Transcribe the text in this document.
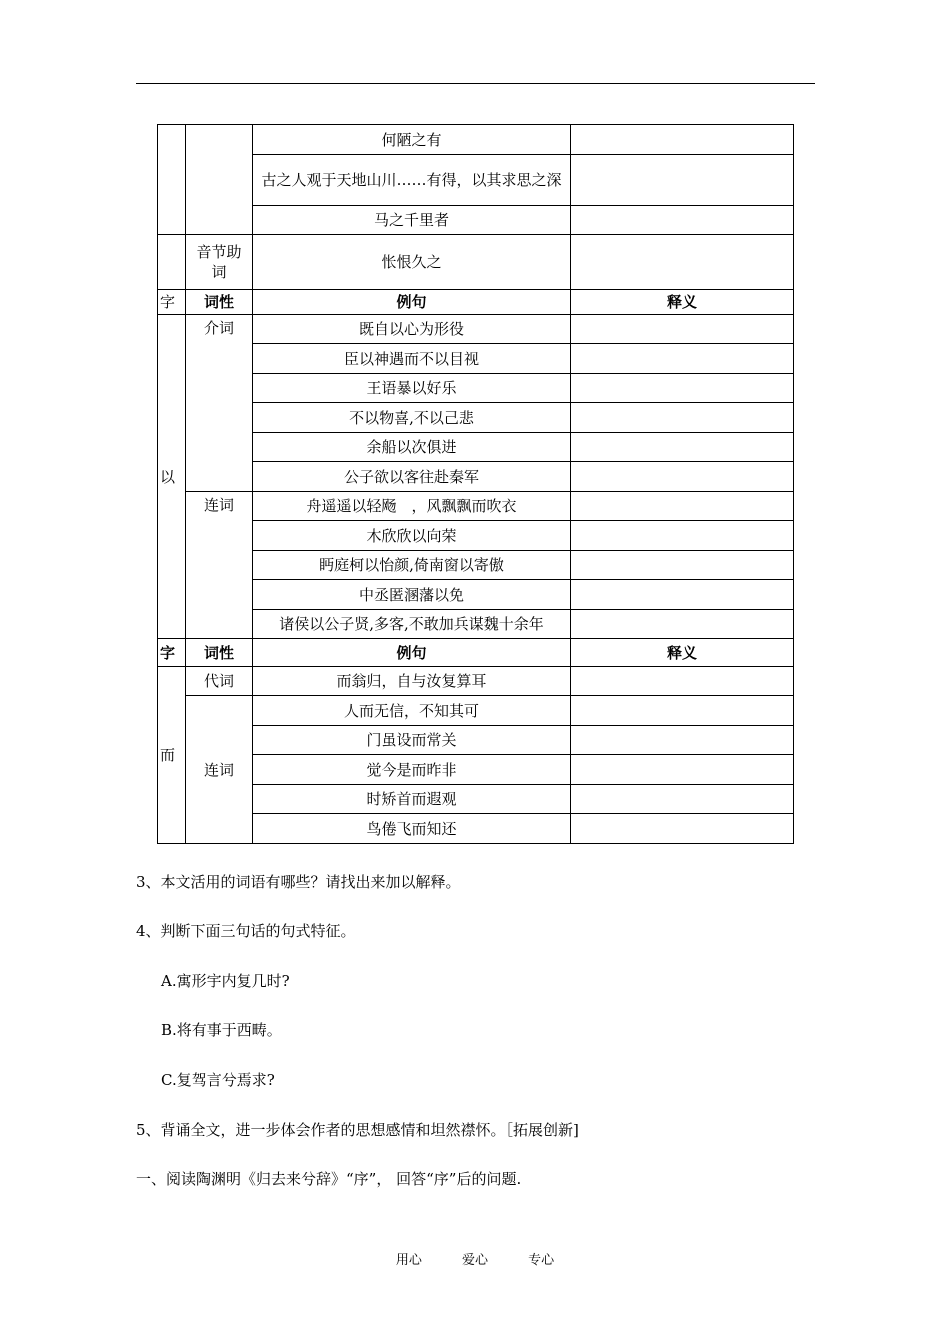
		何陋之有	
		古之人观于天地山川……有得，以其求思之深	
		马之千里者	
	音节助词	怅恨久之	
字	词性	例句	释义
以	介词	既自以心为形役	
		臣以神遇而不以目视	
		王语暴以好乐	
		不以物喜,不以己悲	
		余船以次俱进	
		公子欲以客往赴秦军	
	连词	舟遥遥以轻飏　，风飘飘而吹衣	
		木欣欣以向荣	
		眄庭柯以怡颜,倚南窗以寄傲	
		中丞匿溷藩以免	
		诸侯以公子贤,多客,不敢加兵谋魏十余年	
字	词性	例句	释义
而	代词	而翁归，自与汝复算耳	
	连词	人而无信，不知其可	
		门虽设而常关	
		觉今是而昨非	
		时矫首而遐观	
		鸟倦飞而知还	
3、本文活用的词语有哪些？请找出来加以解释。
4、判断下面三句话的句式特征。
A.寓形宇内复几时?
B.将有事于西畴。
C.复驾言兮焉求?
5、背诵全文，进一步体会作者的思想感情和坦然襟怀。［拓展创新]
一、阅读陶渊明《归去来兮辞》“序”， 回答“序”后的问题.
用心	爱心	专心
